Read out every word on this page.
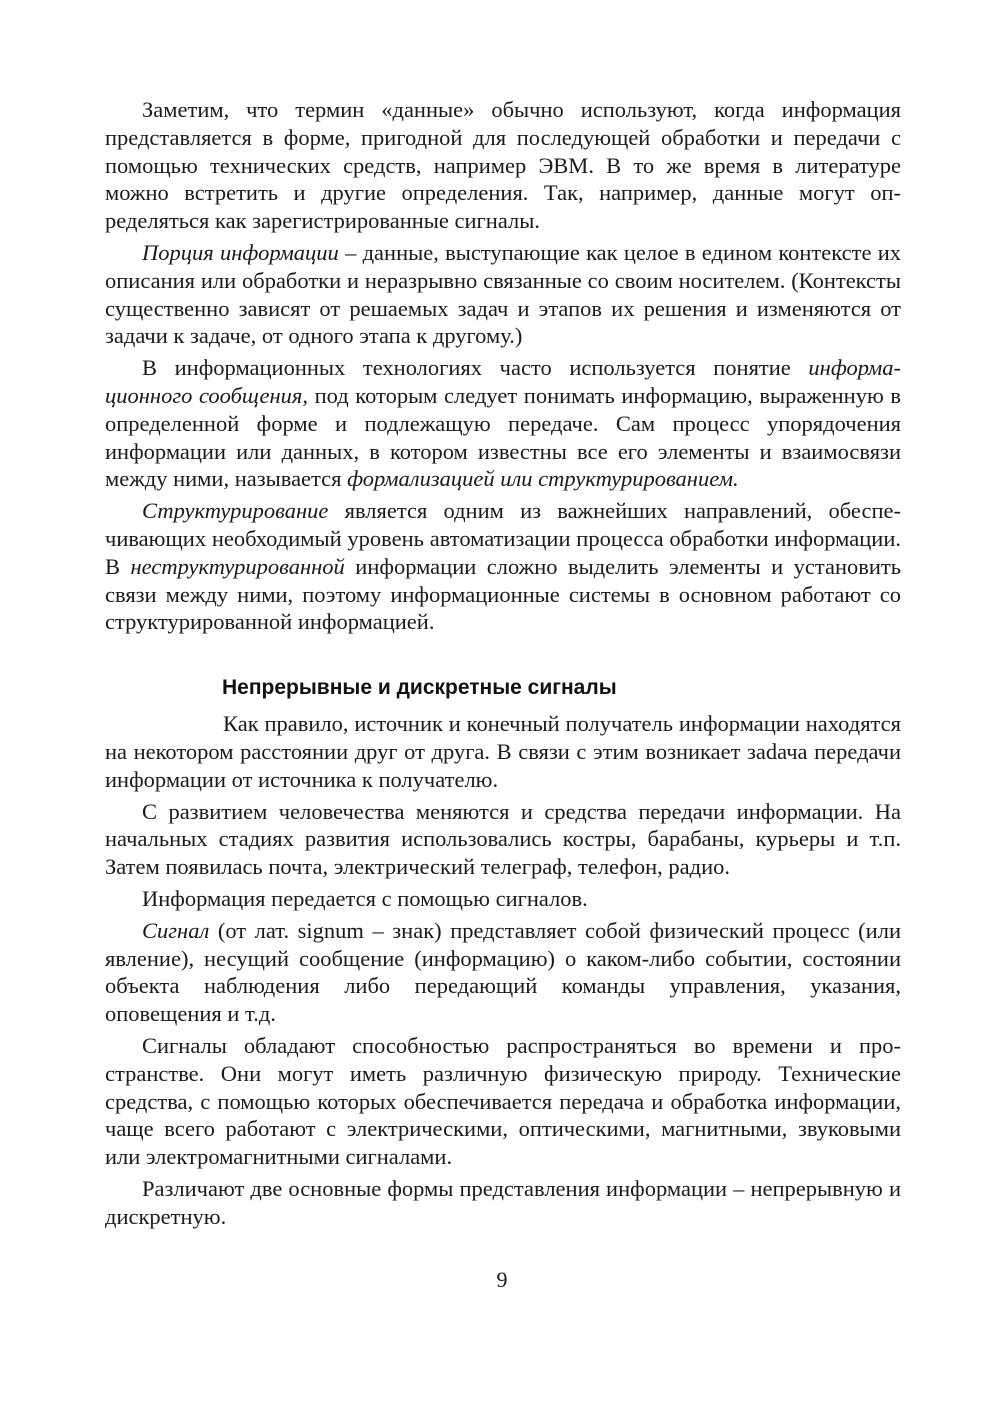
Заметим, что термин «данные» обычно используют, когда информация представляется в форме, пригодной для последующей обработки и передачи с помощью технических средств, например ЭВМ. В то же время в литературе можно встретить и другие определения. Так, например, данные могут определяться как зарегистрированные сигналы.

Порция информации – данные, выступающие как целое в едином контексте их описания или обработки и неразрывно связанные со своим носителем. (Контексты существенно зависят от решаемых задач и этапов их решения и изменяются от задачи к задаче, от одного этапа к другому.)

В информационных технологиях часто используется понятие информационного сообщения, под которым следует понимать информацию, выраженную в определенной форме и подлежащую передаче. Сам процесс упорядочения информации или данных, в котором известны все его элементы и взаимосвязи между ними, называется формализацией или структурированием.

Структурирование является одним из важнейших направлений, обеспечивающих необходимый уровень автоматизации процесса обработки информации. В неструктурированной информации сложно выделить элементы и установить связи между ними, поэтому информационные системы в основном работают со структурированной информацией.

Непрерывные и дискретные сигналы

Как правило, источник и конечный получатель информации находятся на некотором расстоянии друг от друга. В связи с этим возникает заdача передачи информации от источника к получателю.

С развитием человечества меняются и средства передачи информации. На начальных стадиях развития использовались костры, барабаны, курьеры и т.п. Затем появилась почта, электрический телеграф, телефон, радио.

Информация передается с помощью сигналов.

Сигнал (от лат. signum – знак) представляет собой физический процесс (или явление), несущий сообщение (информацию) о каком-либо событии, состоянии объекта наблюдения либо передающий команды управления, указания, оповещения и т.д.

Сигналы обладают способностью распространяться во времени и пространстве. Они могут иметь различную физическую природу. Технические средства, с помощью которых обеспечивается передача и обработка информации, чаще всего работают с электрическими, оптическими, магнитными, звуковыми или электромагнитными сигналами.

Различают две основные формы представления информации – непрерывную и дискретную.

9
